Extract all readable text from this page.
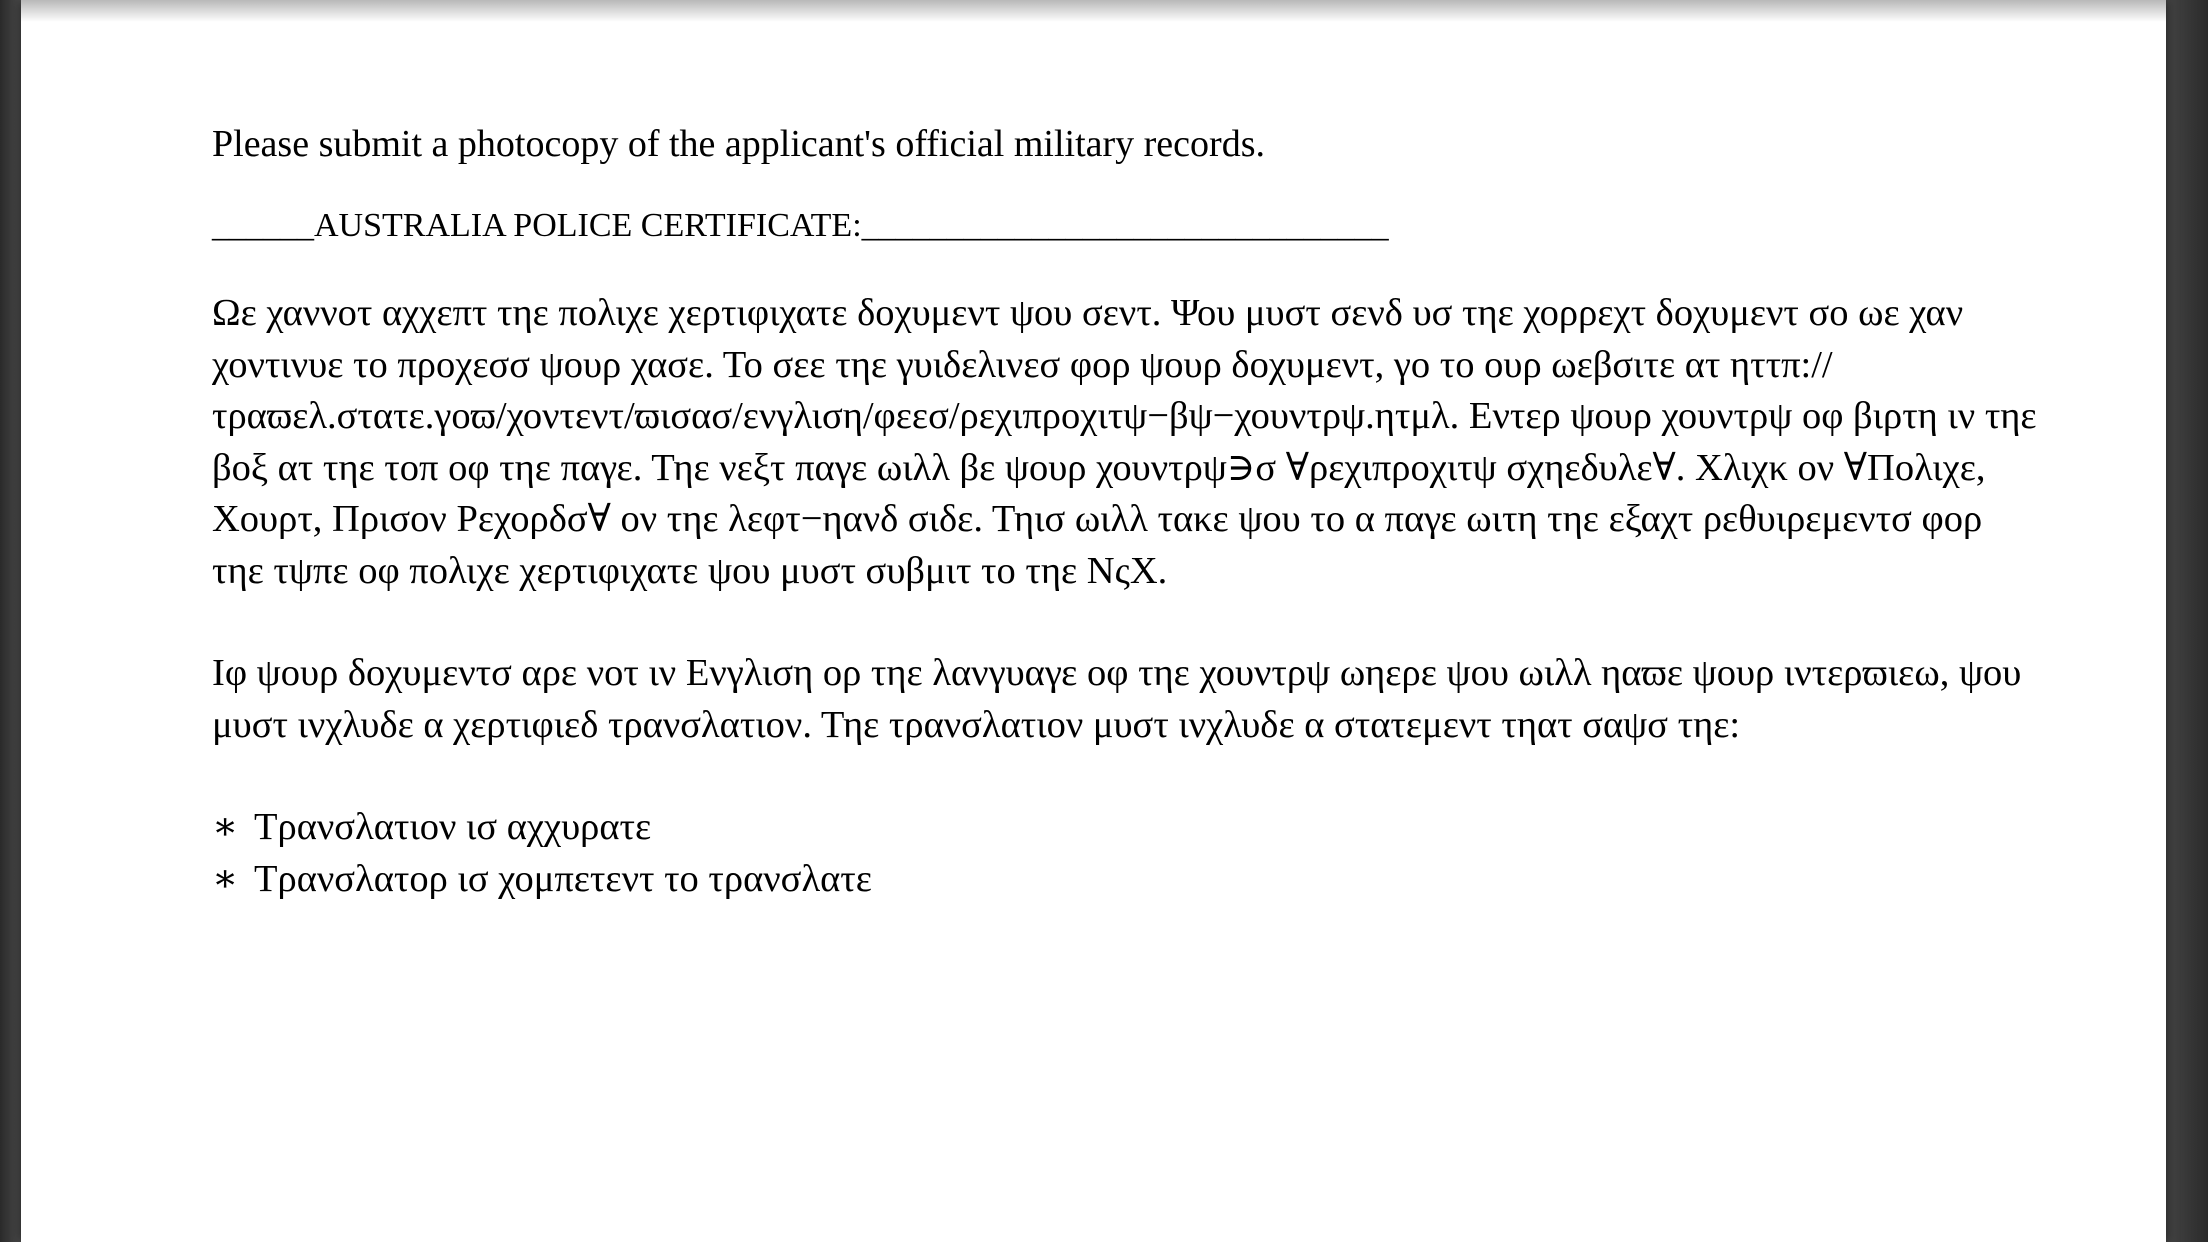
Please submit a photocopy of the applicant's official military records.

______AUSTRALIA POLICE CERTIFICATE:_______________________________

Ωε χαννοτ αχχεπτ τηε πολιχε χερτιφιχατε δοχυμεντ ψου σεντ. Ψου μυστ σενδ υσ τηε χορρεχτ δοχυμεντ σο ωε χαν χοντινυε το προχεσσ ψουρ χασε. Το σεε τηε γυιδελινεσ φορ ψουρ δοχυμεντ, γο το ουρ ωεβσιτε ατ ηττπ://τραϖελ.στατε.γοϖ/χοντεντ/ϖισασ/ενγλιση/φεεσ/ρεχιπροχιτψ−βψ−χουντρψ.ητμλ. Εντερ ψουρ χουντρψ οφ βιρτη ιν τηε βοξ ατ τηε τοπ οφ τηε παγε. Τηε νεξτ παγε ωιλλ βε ψουρ χουντρψ∋σ ∀ρεχιπροχιτψ σχηεδυλε∀. Χλιχκ ον ∀Πολιχε, Χουρτ, Πρισον Ρεχορδσ∀ ον τηε λεφτ−ηανδ σιδε. Τηισ ωιλλ τακε ψου το α παγε ωιτη τηε εξαχτ ρεθυιρεμεντσ φορ τηε τψπε οφ πολιχε χερτιφιχατε ψου μυστ συβμιτ το τηε ΝςΧ.

Ιφ ψουρ δοχυμεντσ αρε νοτ ιν Ενγλιση ορ τηε λανγυαγε οφ τηε χουντρψ ωηερε ψου ωιλλ ηαϖε ψουρ ιντερϖιεω, ψου μυστ ινχλυδε α χερτιφιεδ τρανσλατιον. Τηε τρανσλατιον μυστ ινχλυδε α στατεμεντ τηατ σαψσ τηε:

∗ Τρανσλατιον ισ αχχυρατε
∗ Τρανσλατορ ισ χομπετεντ το τρανσλατε
